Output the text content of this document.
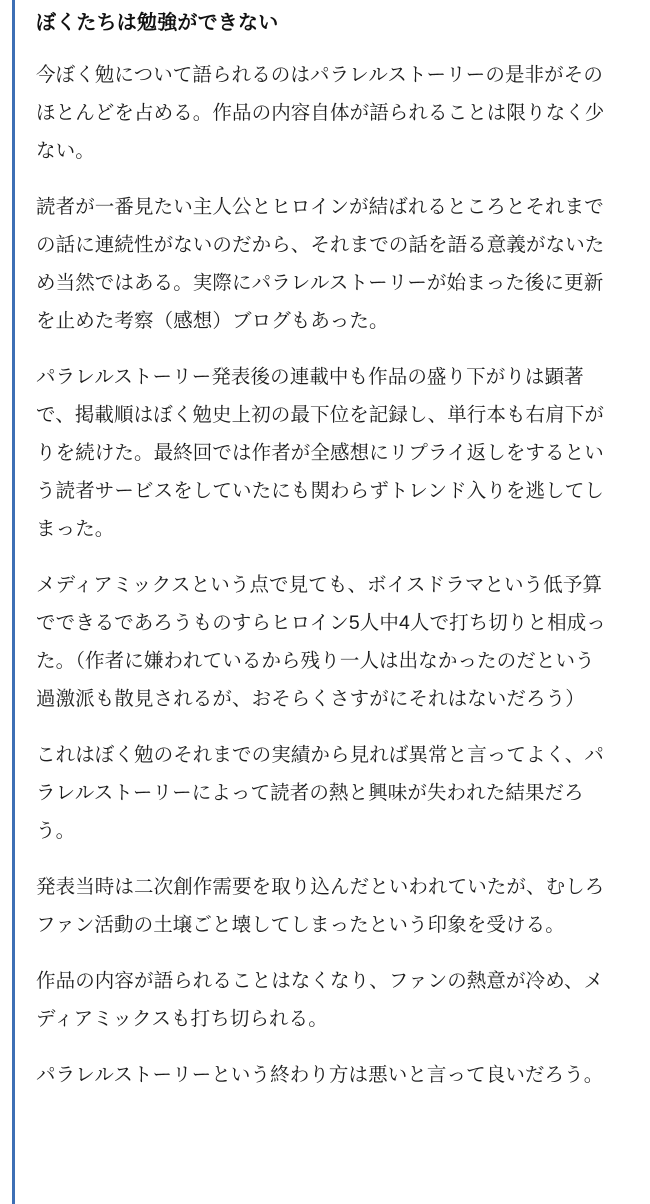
ぼくたちは勉強ができない

今ぼく勉について語られるのはパラレルストーリーの是非がそのほとんどを占める。作品の内容自体が語られることは限りなく少ない。

読者が一番見たい主人公とヒロインが結ばれるところとそれまでの話に連続性がないのだから、それまでの話を語る意義がないため当然ではある。実際にパラレルストーリーが始まった後に更新を止めた考察（感想）ブログもあった。

パラレルストーリー発表後の連載中も作品の盛り下がりは顕著で、掲載順はぼく勉史上初の最下位を記録し、単行本も右肩下がりを続けた。最終回では作者が全感想にリプライ返しをするという読者サービスをしていたにも関わらずトレンド入りを逃してしまった。

メディアミックスという点で見ても、ボイスドラマという低予算でできるであろうものすらヒロイン5人中4人で打ち切りと相成った。（作者に嫌われているから残り一人は出なかったのだという過激派も散見されるが、おそらくさすがにそれはないだろう）

これはぼく勉のそれまでの実績から見れば異常と言ってよく、パラレルストーリーによって読者の熱と興味が失われた結果だろう。

発表当時は二次創作需要を取り込んだといわれていたが、むしろファン活動の土壌ごと壊してしまったという印象を受ける。

作品の内容が語られることはなくなり、ファンの熱意が冷め、メディアミックスも打ち切られる。

パラレルストーリーという終わり方は悪いと言って良いだろう。
